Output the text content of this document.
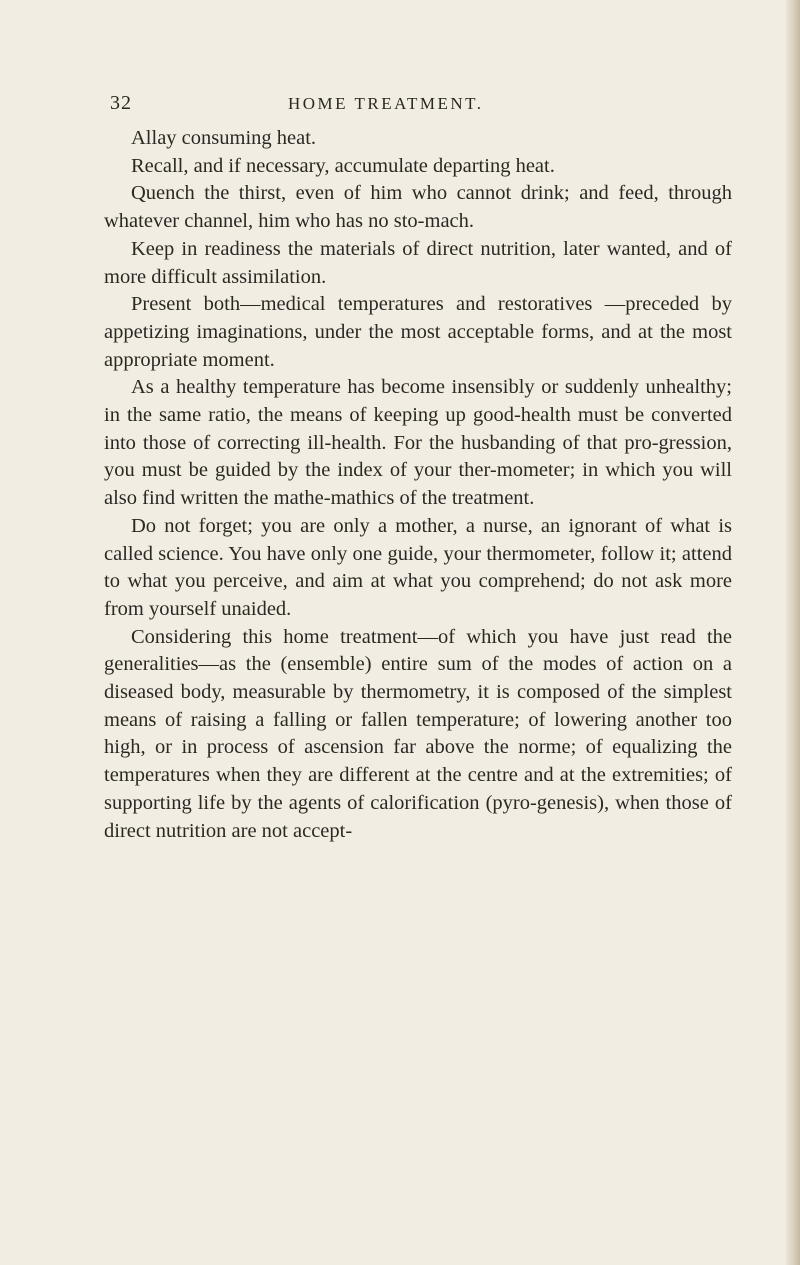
32	HOME TREATMENT.

Allay consuming heat.

Recall, and if necessary, accumulate departing heat.

Quench the thirst, even of him who cannot drink; and feed, through whatever channel, him who has no sto-mach.

Keep in readiness the materials of direct nutrition, later wanted, and of more difficult assimilation.

Present both—medical temperatures and restoratives —preceded by appetizing imaginations, under the most acceptable forms, and at the most appropriate moment.

As a healthy temperature has become insensibly or suddenly unhealthy; in the same ratio, the means of keeping up good-health must be converted into those of correcting ill-health. For the husbanding of that pro-gression, you must be guided by the index of your ther-mometer; in which you will also find written the mathe-mathics of the treatment.

Do not forget; you are only a mother, a nurse, an ignorant of what is called science. You have only one guide, your thermometer, follow it; attend to what you perceive, and aim at what you comprehend; do not ask more from yourself unaided.

Considering this home treatment—of which you have just read the generalities—as the (ensemble) entire sum of the modes of action on a diseased body, measurable by thermometry, it is composed of the simplest means of raising a falling or fallen temperature; of lowering another too high, or in process of ascension far above the norme; of equalizing the temperatures when they are different at the centre and at the extremities; of supporting life by the agents of calorification (pyro-genesis), when those of direct nutrition are not accept-
